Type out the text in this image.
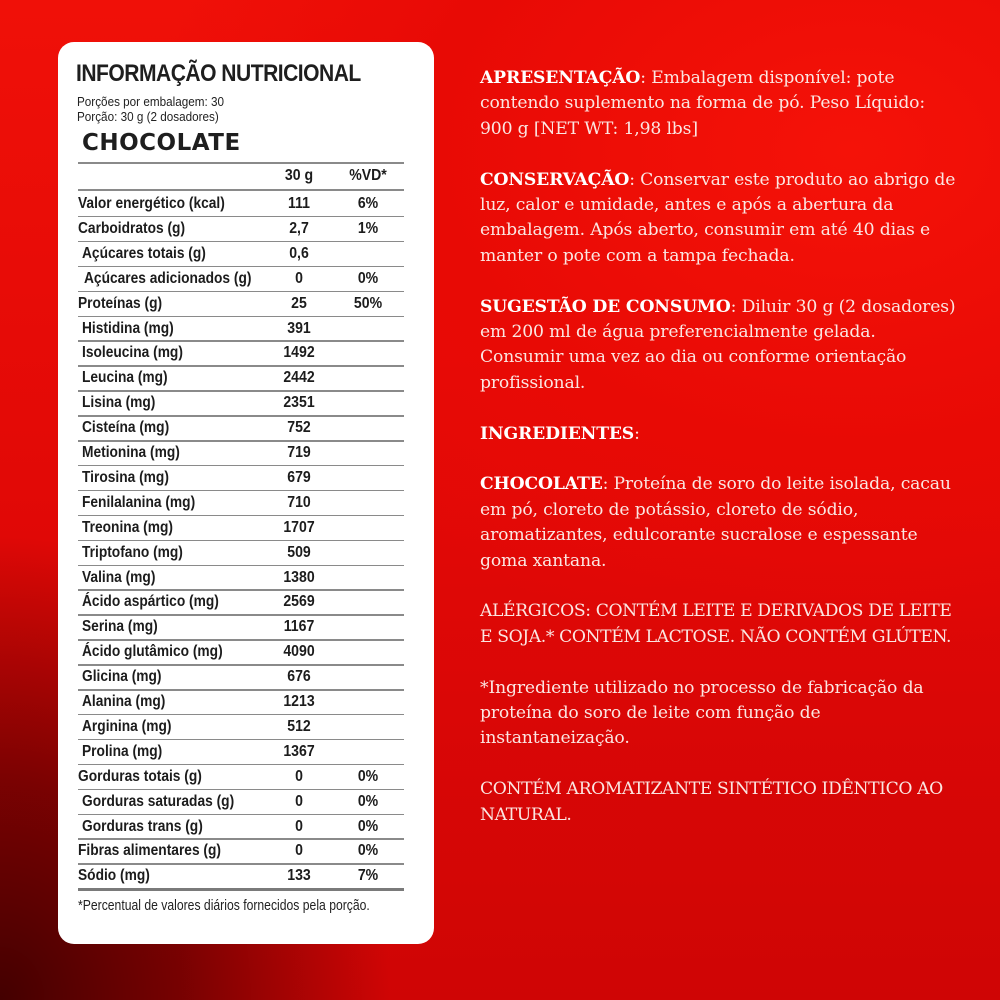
INFORMAÇÃO NUTRICIONAL
Porções por embalagem: 30
Porção: 30 g (2 dosadores)
CHOCOLATE
30 g	%VD*
Valor energético (kcal)	111	6%
Carboidratos (g)	2,7	1%
Açúcares totais (g)	0,6
Açúcares adicionados (g)	0	0%
Proteínas (g)	25	50%
Histidina (mg)	391
Isoleucina (mg)	1492
Leucina (mg)	2442
Lisina (mg)	2351
Cisteína (mg)	752
Metionina (mg)	719
Tirosina (mg)	679
Fenilalanina (mg)	710
Treonina (mg)	1707
Triptofano (mg)	509
Valina (mg)	1380
Ácido aspártico (mg)	2569
Serina (mg)	1167
Ácido glutâmico (mg)	4090
Glicina (mg)	676
Alanina (mg)	1213
Arginina (mg)	512
Prolina (mg)	1367
Gorduras totais (g)	0	0%
Gorduras saturadas (g)	0	0%
Gorduras trans (g)	0	0%
Fibras alimentares (g)	0	0%
Sódio (mg)	133	7%
*Percentual de valores diários fornecidos pela porção.

APRESENTAÇÃO: Embalagem disponível: pote contendo suplemento na forma de pó. Peso Líquido: 900 g [NET WT: 1,98 lbs]

CONSERVAÇÃO: Conservar este produto ao abrigo de luz, calor e umidade, antes e após a abertura da embalagem. Após aberto, consumir em até 40 dias e manter o pote com a tampa fechada.

SUGESTÃO DE CONSUMO: Diluir 30 g (2 dosadores) em 200 ml de água preferencialmente gelada. Consumir uma vez ao dia ou conforme orientação profissional.

INGREDIENTES:

CHOCOLATE: Proteína de soro do leite isolada, cacau em pó, cloreto de potássio, cloreto de sódio, aromatizantes, edulcorante sucralose e espessante goma xantana.

ALÉRGICOS: CONTÉM LEITE E DERIVADOS DE LEITE E SOJA.* CONTÉM LACTOSE. NÃO CONTÉM GLÚTEN.

*Ingrediente utilizado no processo de fabricação da proteína do soro de leite com função de instantaneização.

CONTÉM AROMATIZANTE SINTÉTICO IDÊNTICO AO NATURAL.
